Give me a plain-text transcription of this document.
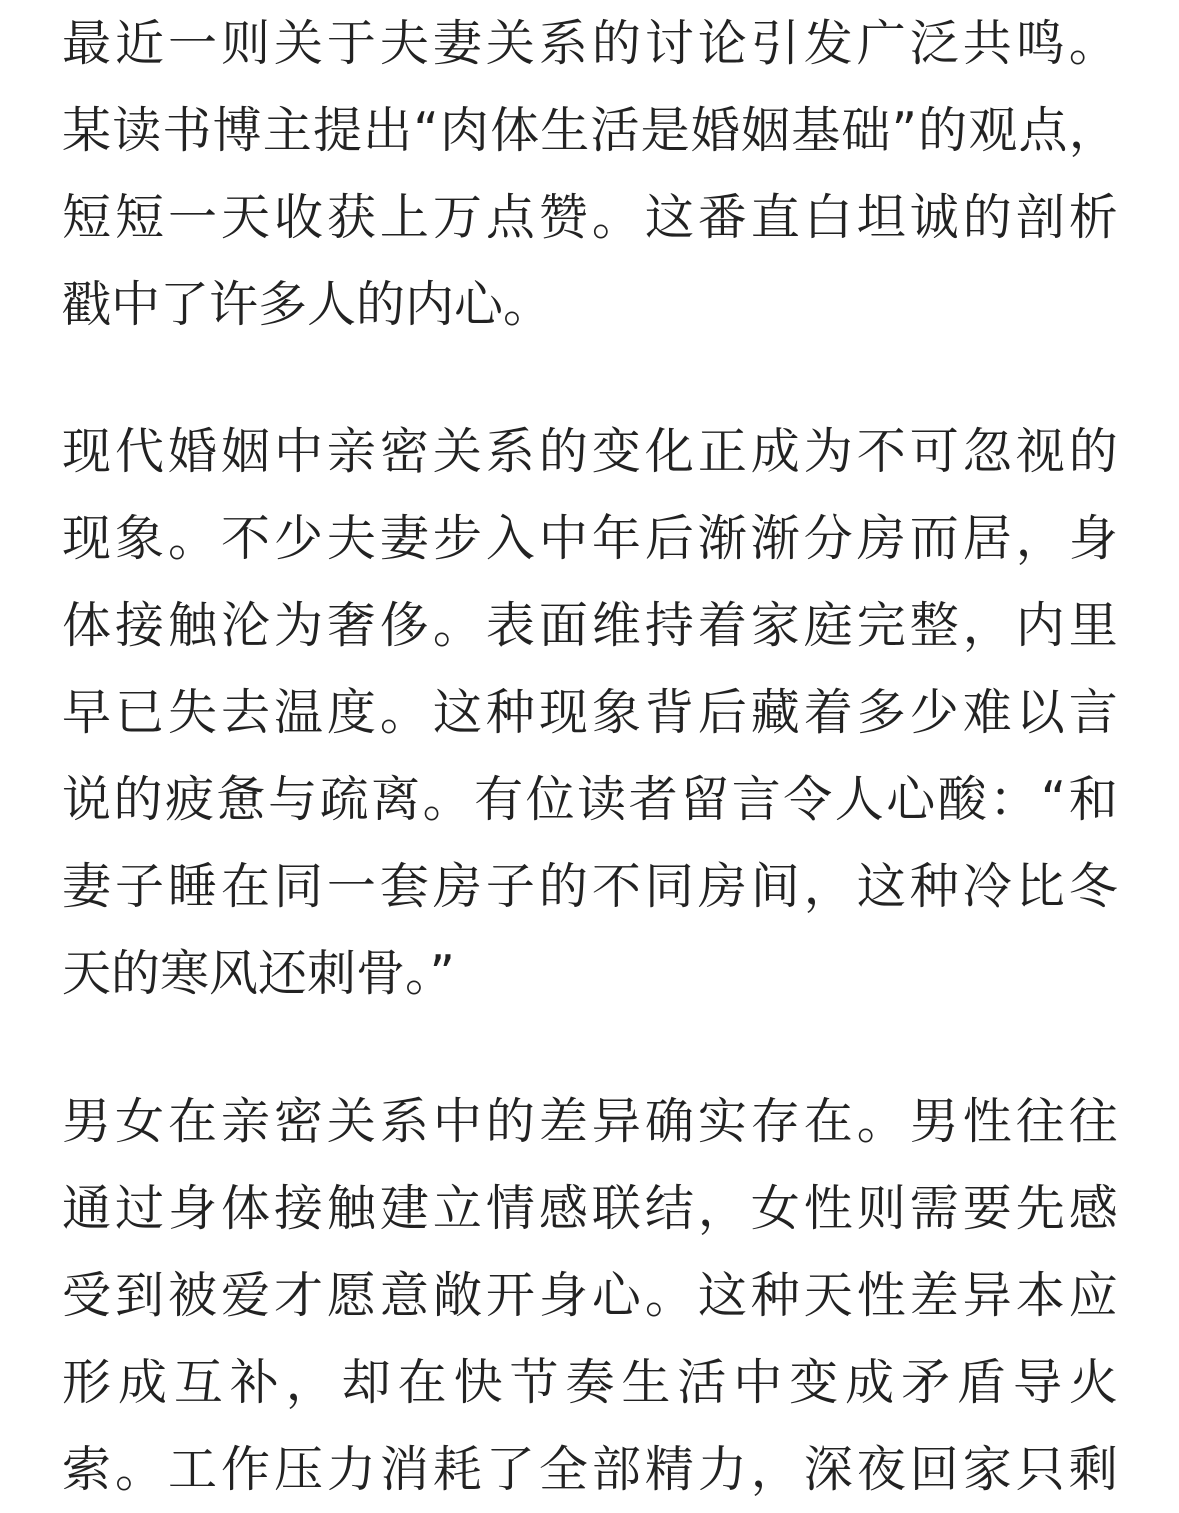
最 近 一 则 关 于 夫 妻 关 系 的 讨 论 引 发 广 泛 共 鸣 。
某 读 书 博 主 提 出 “ 肉 体 生 活 是 婚 姻 基 础 ” 的 观 点 ，
短 短 一 天 收 获 上 万 点 赞 。 这 番 直 白 坦 诚 的 剖 析
戳中了许多人的内心。
现 代 婚 姻 中 亲 密 关 系 的 变 化 正 成 为 不 可 忽 视 的
现 象 。 不 少 夫 妻 步 入 中 年 后 渐 渐 分 房 而 居 ， 身
体 接 触 沦 为 奢 侈 。 表 面 维 持 着 家 庭 完 整 ， 内 里
早 已 失 去 温 度 。 这 种 现 象 背 后 藏 着 多 少 难 以 言
说 的 疲 惫 与 疏 离 。 有 位 读 者 留 言 令 人 心 酸 ： “ 和
妻 子 睡 在 同 一 套 房 子 的 不 同 房 间 ， 这 种 冷 比 冬
天的寒风还刺骨。”
男 女 在 亲 密 关 系 中 的 差 异 确 实 存 在 。 男 性 往 往
通 过 身 体 接 触 建 立 情 感 联 结 ， 女 性 则 需 要 先 感
受 到 被 爱 才 愿 意 敞 开 身 心 。 这 种 天 性 差 异 本 应
形 成 互 补 ， 却 在 快 节 奏 生 活 中 变 成 矛 盾 导 火
索 。 工 作 压 力 消 耗 了 全 部 精 力 ， 深 夜 回 家 只 剩
